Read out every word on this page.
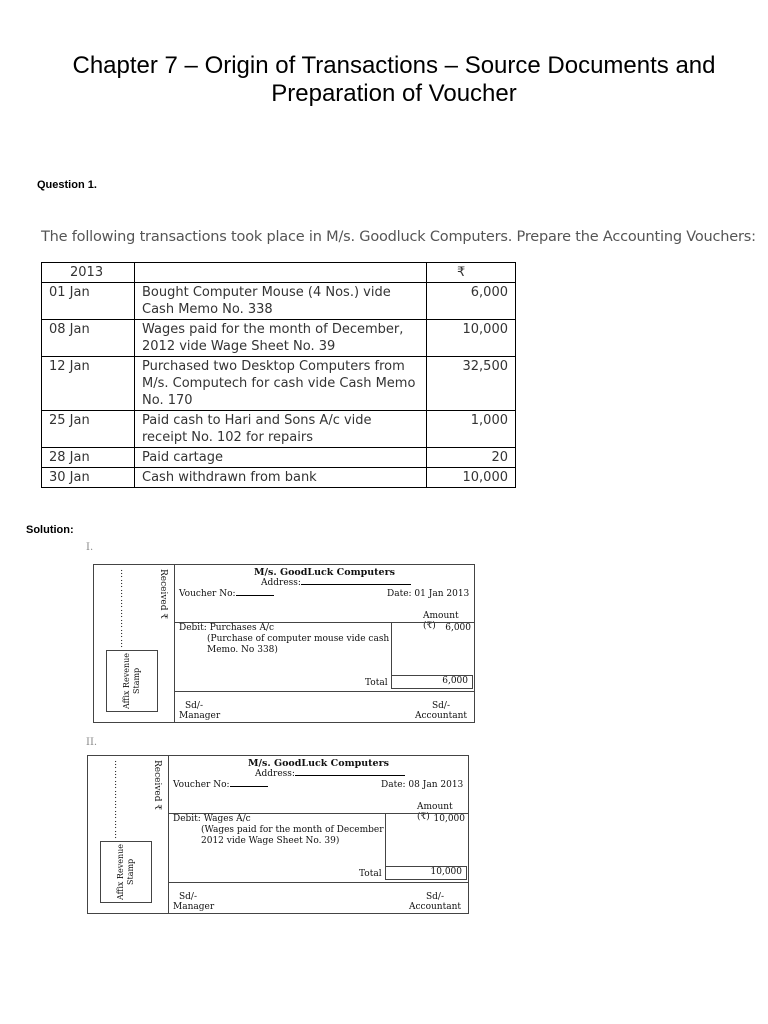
Chapter 7 – Origin of Transactions – Source Documents and
Preparation of Voucher
Question 1.
The following transactions took place in M/s. Goodluck Computers. Prepare the Accounting Vouchers:
2013		₹
01 Jan	Bought Computer Mouse (4 Nos.) vide Cash Memo No. 338	6,000
08 Jan	Wages paid for the month of December, 2012 vide Wage Sheet No. 39	10,000
12 Jan	Purchased two Desktop Computers from M/s. Computech for cash vide Cash Memo No. 170	32,500
25 Jan	Paid cash to Hari and Sons A/c vide receipt No. 102 for repairs	1,000
28 Jan	Paid cartage	20
30 Jan	Cash withdrawn from bank	10,000
Solution:
I.
……………………	Received ₹
Affix Revenue Stamp
M/s. GoodLuck Computers
Address:
Voucher No:	Date: 01 Jan 2013
Amount (₹)
Debit: Purchases A/c
(Purchase of computer mouse vide cash
Memo. No 338)
6,000
Total	6,000
Sd/-
Manager
Sd/-
Accountant
II.
……………………	Received ₹
Affix Revenue Stamp
M/s. GoodLuck Computers
Address:
Voucher No:	Date: 08 Jan 2013
Amount (₹)
Debit: Wages A/c
(Wages paid for the month of December
2012 vide Wage Sheet No. 39)
10,000
Total	10,000
Sd/-
Manager
Sd/-
Accountant
